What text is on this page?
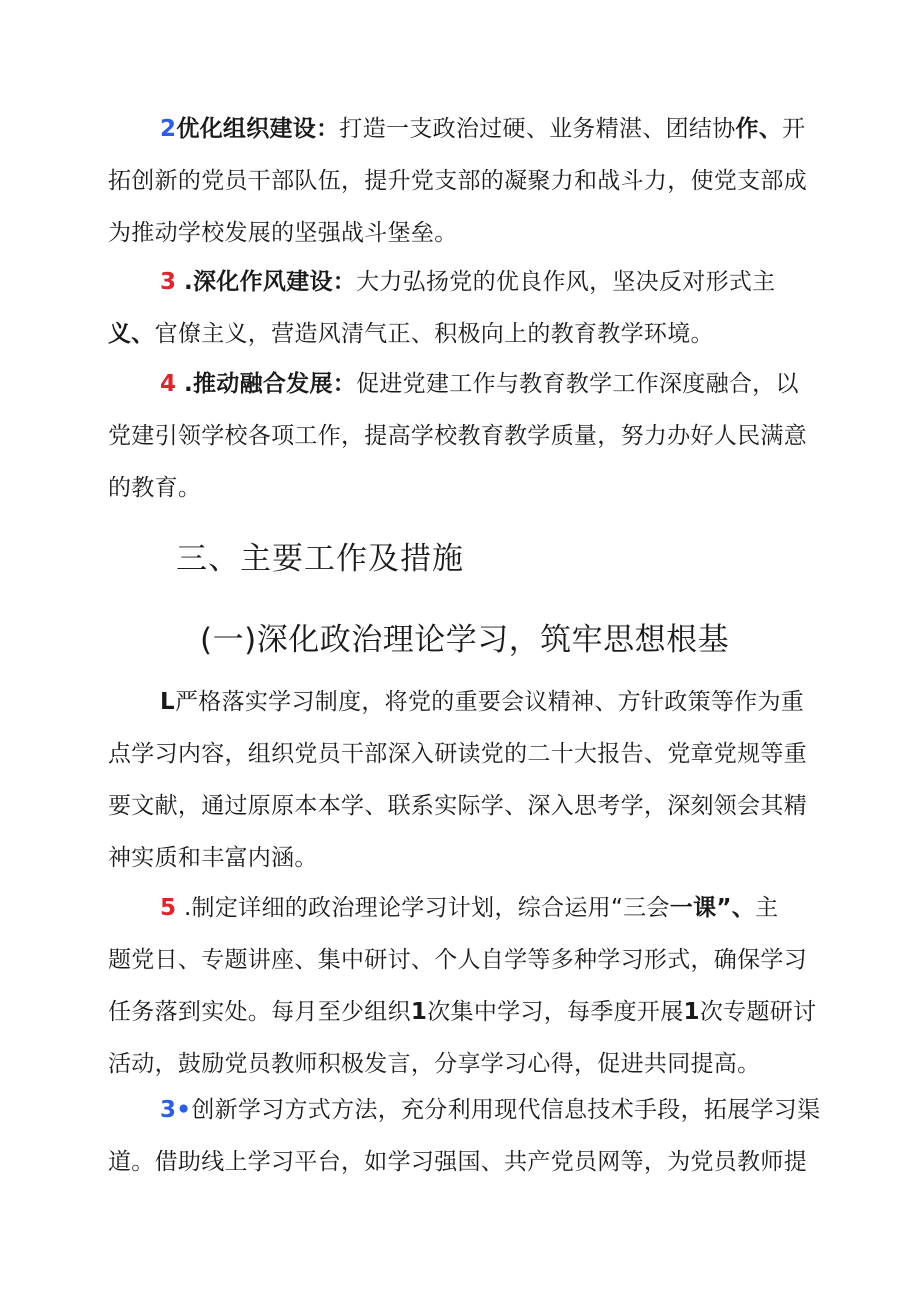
2优化组织建设：打造一支政治过硬、业务精湛、团结协作、开
拓创新的党员干部队伍，提升党支部的凝聚力和战斗力，使党支部成
为推动学校发展的坚强战斗堡垒。
3 .深化作风建设：大力弘扬党的优良作风，坚决反对形式主
义、官僚主义，营造风清气正、积极向上的教育教学环境。
4 .推动融合发展：促进党建工作与教育教学工作深度融合，以
党建引领学校各项工作，提高学校教育教学质量，努力办好人民满意
的教育。
三、主要工作及措施
(一)深化政治理论学习，筑牢思想根基
L严格落实学习制度，将党的重要会议精神、方针政策等作为重
点学习内容，组织党员干部深入研读党的二十大报告、党章党规等重
要文献，通过原原本本学、联系实际学、深入思考学，深刻领会其精
神实质和丰富内涵。
5 .制定详细的政治理论学习计划，综合运用“三会一课”、主
题党日、专题讲座、集中研讨、个人自学等多种学习形式，确保学习
任务落到实处。每月至少组织1次集中学习，每季度开展1次专题研讨
活动，鼓励党员教师积极发言，分享学习心得，促进共同提高。
3•创新学习方式方法，充分利用现代信息技术手段，拓展学习渠
道。借助线上学习平台，如学习强国、共产党员网等，为党员教师提
